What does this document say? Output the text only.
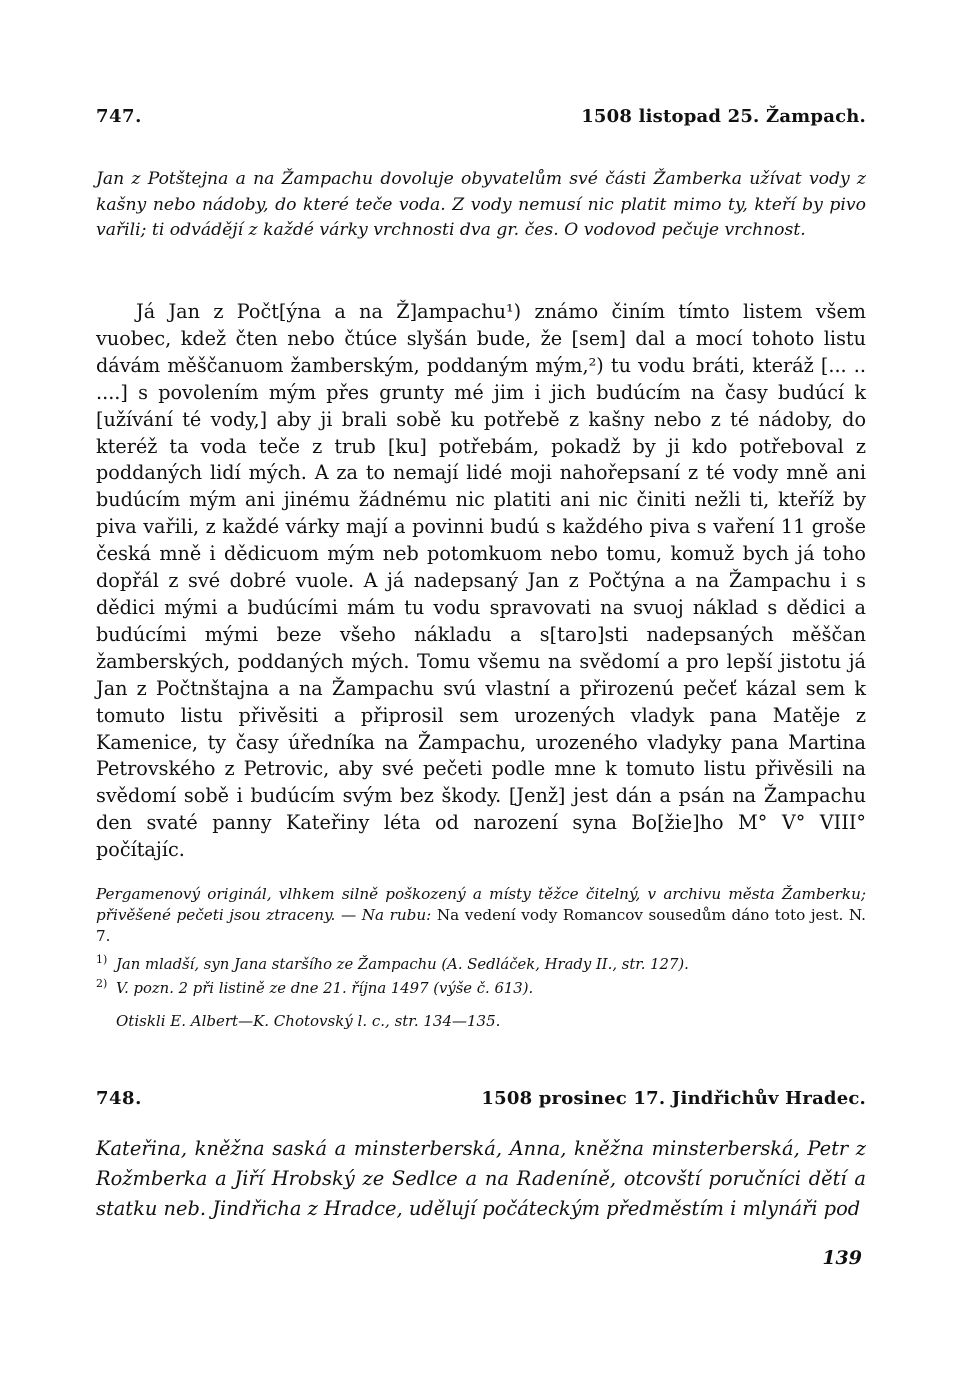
747.	1508 listopad 25. Žampach.
Jan z Potštejna a na Žampachu dovoluje obyvatelům své části Žamberka užívat vody z kašny nebo nádoby, do které teče voda. Z vody nemusí nic platit mimo ty, kteří by pivo vařili; ti odvádějí z každé várky vrchnosti dva gr. čes. O vodovod pečuje vrchnost.
Já Jan z Počt[ýna a na Ž]ampachu¹) známo činím tímto listem všem vuobec, kdež čten nebo čtúce slyšán bude, že [sem] dal a mocí tohoto listu dávám měščanuom žamberským, poddaným mým,²) tu vodu bráti, kteráž [... .. ....] s povolením mým přes grunty mé jim i jich budúcím na časy budúcí k [užívání té vody,] aby ji brali sobě ku potřebě z kašny nebo z té nádoby, do kteréž ta voda teče z trub [ku] potřebám, pokadž by ji kdo potřeboval z poddaných lidí mých. A za to nemají lidé moji nahořepsaní z té vody mně ani budúcím mým ani jinému žádnému nic platiti ani nic činiti nežli ti, kteříž by piva vařili, z každé várky mají a povinni budú s každého piva s vaření 11 groše česká mně i dědicuom mým neb potomkuom nebo tomu, komuž bych já toho dopřál z své dobré vuole. A já nadepsaný Jan z Počtýna a na Žampachu i s dědici mými a budúcími mám tu vodu spravovati na svuoj náklad s dědici a budúcími mými beze všeho nákladu a s[taro]sti nadepsaných měščan žamberských, poddaných mých. Tomu všemu na svědomí a pro lepší jistotu já Jan z Počtnštajna a na Žampachu svú vlastní a přirozenú pečeť kázal sem k tomuto listu přivěsiti a připrosil sem urozených vladyk pana Matěje z Kamenice, ty časy úředníka na Žampachu, urozeného vladyky pana Martina Petrovského z Petrovic, aby své pečeti podle mne k tomuto listu přivěsili na svědomí sobě i budúcím svým bez škody. [Jenž] jest dán a psán na Žampachu den svaté panny Kateřiny léta od narození syna Bo[žie]ho M° V° VIII° počítajíc.
Pergamenový originál, vlhkem silně poškozený a místy těžce čitelný, v archivu města Žamberku; přivěšené pečeti jsou ztraceny. — Na rubu: Na vedení vody Romancov sousedům dáno toto jest. N. 7.
1) Jan mladší, syn Jana staršího ze Žampachu (A. Sedláček, Hrady II., str. 127).
2) V. pozn. 2 při listině ze dne 21. října 1497 (výše č. 613).
Otiskli E. Albert—K. Chotovský l. c., str. 134—135.
748.	1508 prosinec 17. Jindřichův Hradec.
Kateřina, kněžna saská a minsterberská, Anna, kněžna minsterberská, Petr z Rožmberka a Jiří Hrobský ze Sedlce a na Radeníně, otcovští poručníci dětí a statku neb. Jindřicha z Hradce, udělují počáteckým předměstím i mlynáři pod
139
